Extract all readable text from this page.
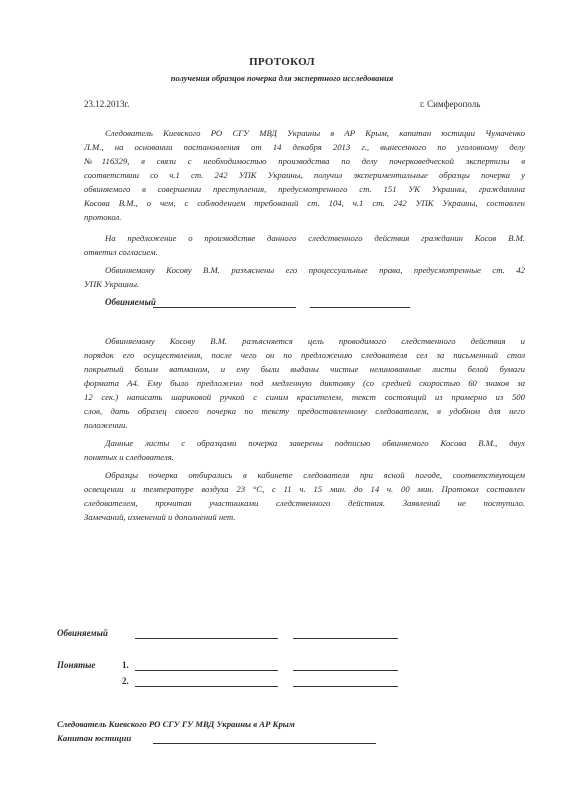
ПРОТОКОЛ
получения образцов почерка для экспертного исследования
23.12.2013г.	г. Симферополь
Следователь Киевского РО СГУ МВД Украины в АР Крым, капитан юстиции Чумаченко
Л.М., на основании постановления от 14 декабря 2013 г., вынесенного по уголовному делу
№116329, в связи с необходимостью производства по делу почерковедческой экспертизы в
соответствии со ч.1 ст. 242 УПК Украины, получил экспериментальные образцы почерка у
обвиняемого в совершении преступления, предусмотренного ст. 151 УК Украины, гражданина
Косова В.М., о чем, с соблюдением требований ст. 104, ч.1 ст. 242 УПК Украины, составлен
протокол.
На предложение о производстве данного следственного действия гражданин Косов В.М.
ответил согласием.
Обвиняемому Косову В.М. разъяснены его процессуальные права, предусмотренные ст. 42
УПК Украины.
Обвиняемый
Обвиняемому Косову В.М. разъясняется цель проводимого следственного действия и
порядок его осуществления, после чего он по предложению следователя сел за письменный стол
покрытый белым ватманом, и ему были выданы чистые нелинованные листы белой бумаги
формата А4. Ему было предложено под медленную диктовку (со средней скоростью 60 знаков за
12 сек.) написать шариковой ручкой с синим красителем, текст состоящий из примерно из 500
слов, дать образец своего почерка по тексту предоставленному следователем, в удобном для него
положении.
Данные листы с образцами почерка заверены подписью обвиняемого Косова В.М., двух
понятых и следователя.
Образцы почерка отбирались в кабинете следователя при ясной погоде, соответствующем
освещении и температуре воздуха 23 °С, с 11 ч. 15 мин. до 14 ч. 00 мин. Протокол составлен
следователем, прочитан участниками следственного действия. Заявлений не поступило.
Замечаний, изменений и дополнений нет.
Обвиняемый
Понятые	1.
2.
Следователь Киевского РО СГУ ГУ МВД Украины в АР Крым
Капитан юстиции
